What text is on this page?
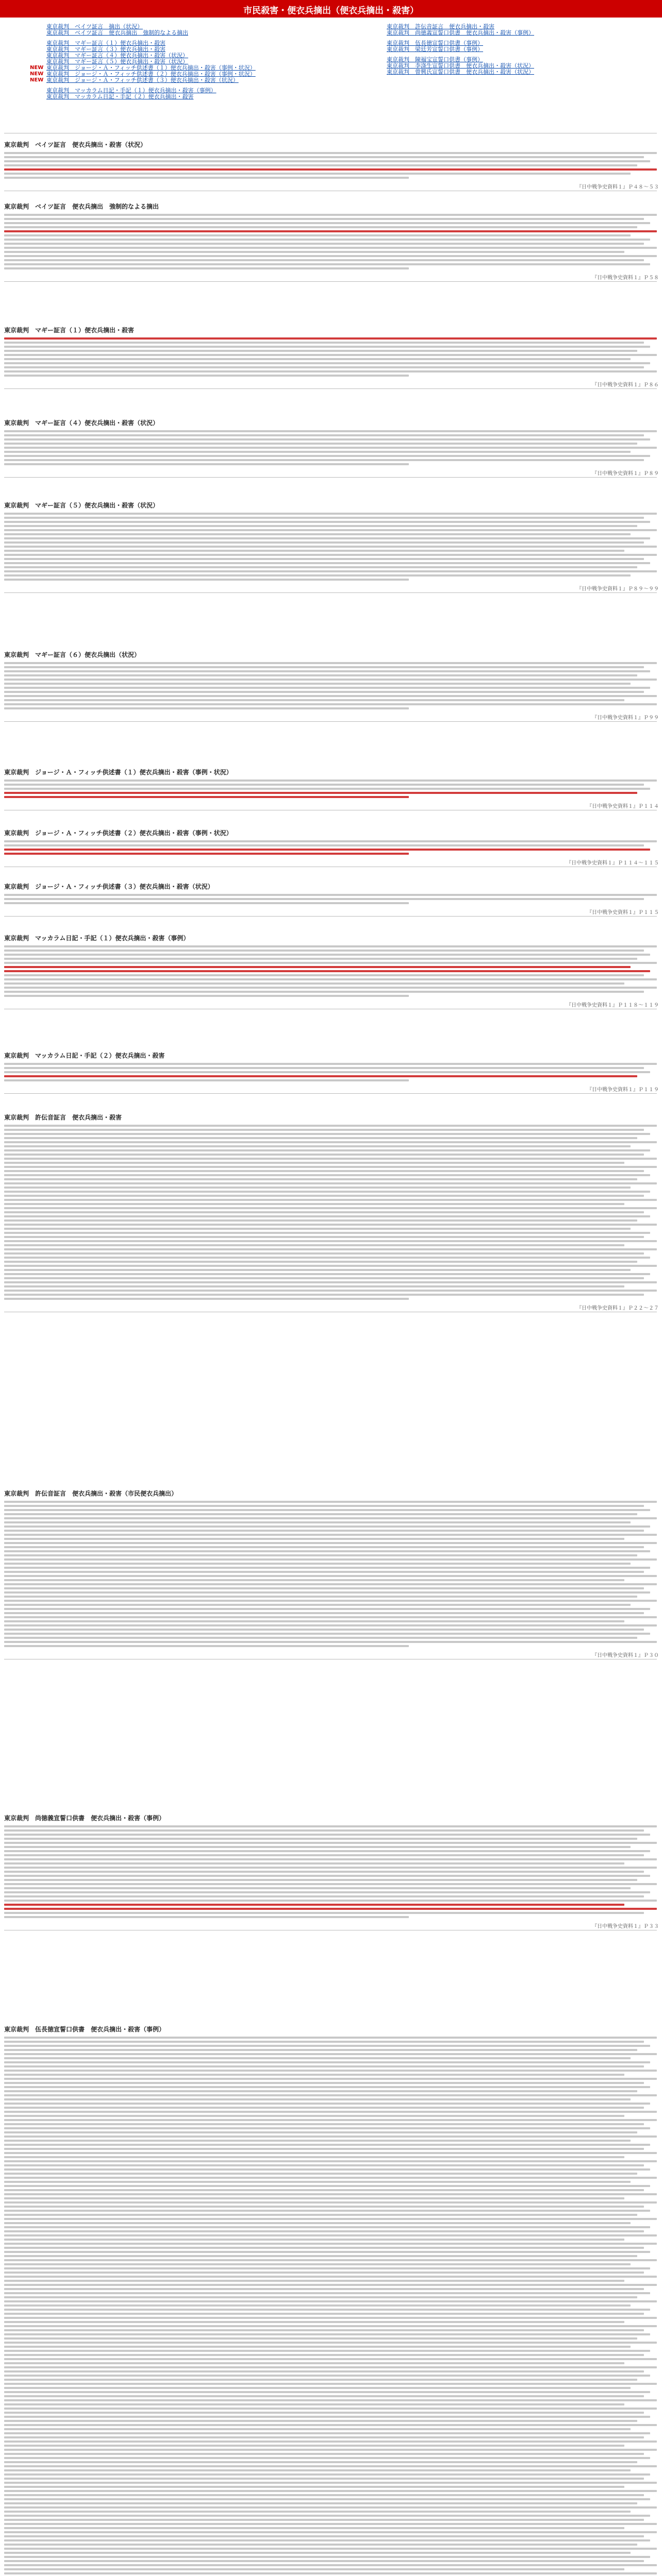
市民殺害・便衣兵摘出（便衣兵摘出・殺害）
東京裁判　ベイツ証言　摘出（状況）
東京裁判　ベイツ証言　便衣兵摘出　強制的なよる摘出
東京裁判　マギー証言（１）便衣兵摘出・殺害
東京裁判　マギー証言（３）便衣兵摘出・殺害
東京裁判　マギー証言（４）便衣兵摘出・殺害（状況）
東京裁判　マギー証言（５）便衣兵摘出・殺害（状況）
NEW 東京裁判　ジョージ・Ａ・フィッチ供述書（１）便衣兵摘出・殺害（事例・状況）
NEW 東京裁判　ジョージ・Ａ・フィッチ供述書（２）便衣兵摘出・殺害（事例・状況）
NEW 東京裁判　ジョージ・Ａ・フィッチ供述書（３）便衣兵摘出・殺害（状況）
東京裁判　マッカラム日記・手記（１）便衣兵摘出・殺害（事例）
東京裁判　マッカラム日記・手記（２）便衣兵摘出・殺害
東京裁判　許伝音証言　便衣兵摘出・殺害
東京裁判　尚徳義宣誓口供書　便衣兵摘出・殺害（事例）
東京裁判　伍長徳宣誓口供書（事例）
東京裁判　梁廷芳宣誓口供書（事例）
東京裁判　陳福宝宣誓口供書（事例）
東京裁判　李涤生宣誓口供書　便衣兵摘出・殺害（状況）
東京裁判　曾興氏宣誓口供書　便衣兵摘出・殺害（状況）
東京裁判　ベイツ証言　便衣兵摘出・殺害（状況）
『日中戦争史資料１』Ｐ４８～５３
東京裁判　ベイツ証言　便衣兵摘出　強制的なよる摘出
『日中戦争史資料１』Ｐ５８
東京裁判　マギー証言（１）便衣兵摘出・殺害
『日中戦争史資料１』Ｐ８６
東京裁判　マギー証言（４）便衣兵摘出・殺害（状況）
『日中戦争史資料１』Ｐ８９
東京裁判　マギー証言（５）便衣兵摘出・殺害（状況）
『日中戦争史資料１』Ｐ８９～９９
東京裁判　マギー証言（６）便衣兵摘出（状況）
『日中戦争史資料１』Ｐ９９
東京裁判　ジョージ・Ａ・フィッチ供述書（１）便衣兵摘出・殺害（事例・状況）
『日中戦争史資料１』Ｐ１１４
東京裁判　ジョージ・Ａ・フィッチ供述書（２）便衣兵摘出・殺害（事例・状況）
『日中戦争史資料１』Ｐ１１４～１１５
東京裁判　ジョージ・Ａ・フィッチ供述書（３）便衣兵摘出・殺害（状況）
『日中戦争史資料１』Ｐ１１５
東京裁判　マッカラム日記・手記（１）便衣兵摘出・殺害（事例）
『日中戦争史資料１』Ｐ１１８～１１９
東京裁判　マッカラム日記・手記（２）便衣兵摘出・殺害
『日中戦争史資料１』Ｐ１１９
東京裁判　許伝音証言　便衣兵摘出・殺害
『日中戦争史資料１』Ｐ２２～２７
東京裁判　許伝音証言　便衣兵摘出・殺害（市民便衣兵摘出）
『日中戦争史資料１』Ｐ３０
東京裁判　尚徳義宣誓口供書　便衣兵摘出・殺害（事例）
『日中戦争史資料１』Ｐ３３
東京裁判　伍長徳宣誓口供書　便衣兵摘出・殺害（事例）
